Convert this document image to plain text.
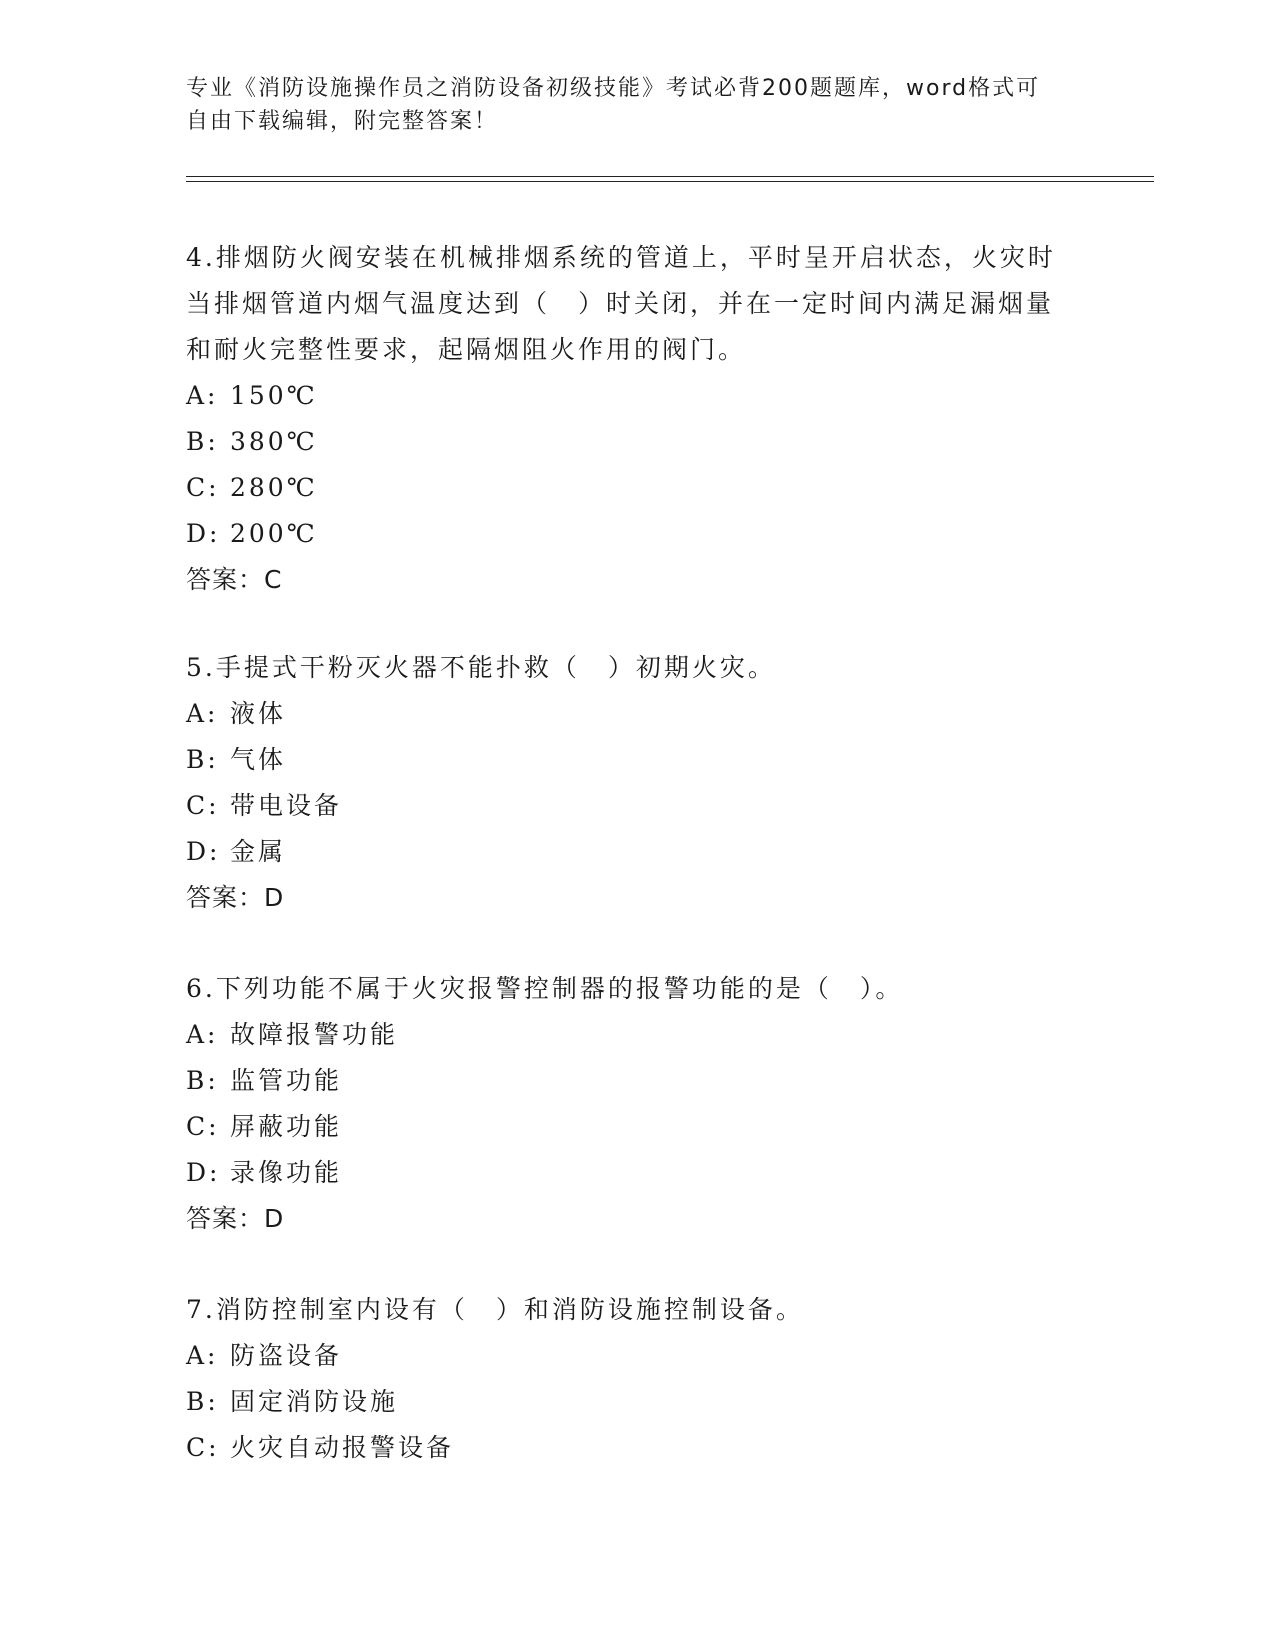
专业《消防设施操作员之消防设备初级技能》考试必背200题题库，word格式可
自由下载编辑，附完整答案！

4.排烟防火阀安装在机械排烟系统的管道上，平时呈开启状态，火灾时当排烟管道内烟气温度达到（　）时关闭，并在一定时间内满足漏烟量和耐火完整性要求，起隔烟阻火作用的阀门。

A: 150℃

B: 380℃

C: 280℃

D: 200℃

答案：C

5.手提式干粉灭火器不能扑救（　）初期火灾。

A: 液体

B: 气体

C: 带电设备

D: 金属

答案：D

6.下列功能不属于火灾报警控制器的报警功能的是（　）。

A: 故障报警功能

B: 监管功能

C: 屏蔽功能

D: 录像功能

答案：D

7.消防控制室内设有（　）和消防设施控制设备。

A: 防盗设备

B: 固定消防设施

C: 火灾自动报警设备
